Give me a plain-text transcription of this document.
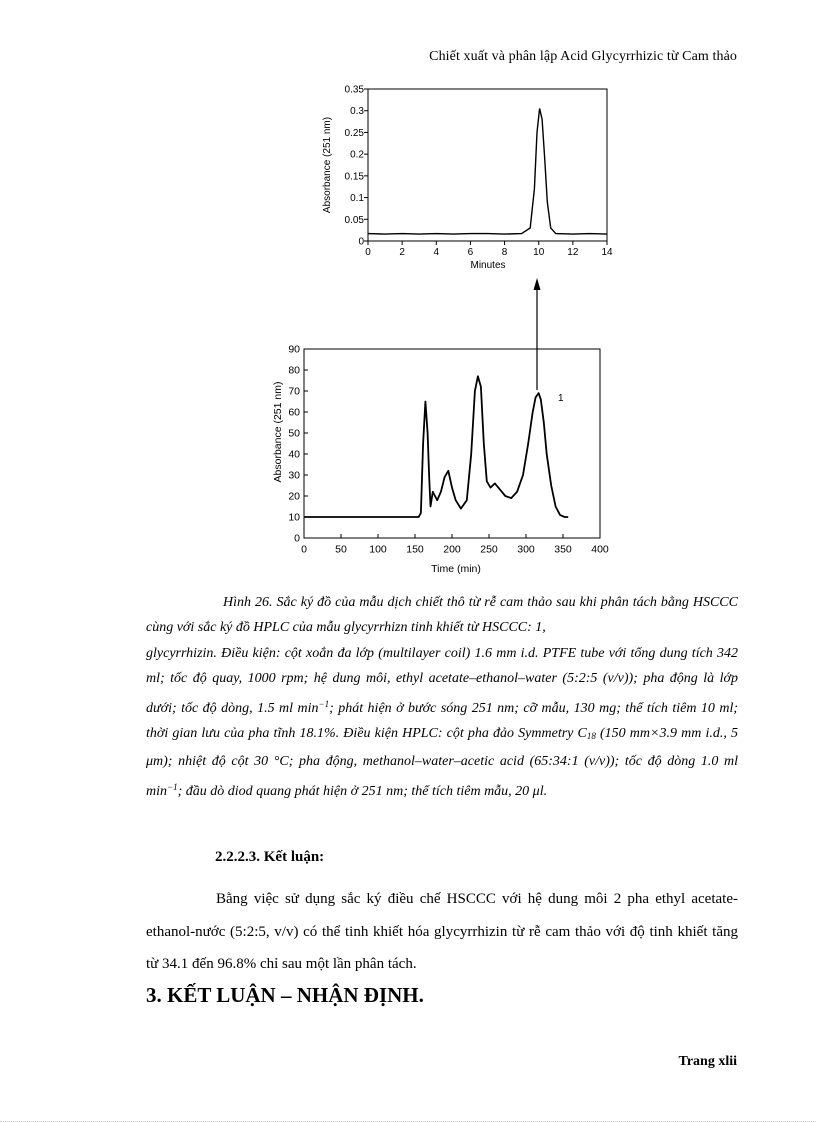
Chiết xuất và phân lập Acid Glycyrrhizic từ Cam thảo
0	2	4	6	8	10 12 14
0
0.05
0.1
0.15
0.2
0.25
0.3
0.35
Minutes
Absorbance (251 nm)
0	50 100 150 200 250 300 350 400
0
10
20
30
40
50
60
70
80
90
1
Time (min)
Absorbance (251 nm)

Hình 26. Sắc ký đồ của mẫu dịch chiết thô từ rễ cam thảo sau khi phân tách bằng HSCCC cùng với sắc ký đồ HPLC của mẫu glycyrrhizn tinh khiết từ HSCCC: 1,

glycyrrhizin. Điều kiện: cột xoắn đa lớp (multilayer coil) 1.6 mm i.d. PTFE tube với tổng dung tích 342 ml; tốc độ quay, 1000 rpm; hệ dung môi, ethyl acetate–ethanol–water (5:2:5 (v/v)); pha động là lớp dưới; tốc độ dòng, 1.5 ml $\min^{-1}$; phát hiện ở bước sóng 251 nm; cỡ mẫu, 130 mg; thể tích tiêm 10 ml; thời gian lưu của pha tĩnh 18.1%. Điều kiện HPLC: cột pha đảo Symmetry $C_{18}$ (150 mm×3.9 mm i.d., 5 μm); nhiệt độ cột 30 °C; pha động, methanol–water–acetic acid (65:34:1 (v/v)); tốc độ dòng 1.0 ml $\min^{-1}$; đầu dò diod quang phát hiện ở 251 nm; thể tích tiêm mẫu, 20 μl.

2.2.2.3. Kết luận:

Bằng việc sử dụng sắc ký điều chế HSCCC với hệ dung môi 2 pha ethyl acetate-ethanol-nước (5:2:5, v/v) có thể tinh khiết hóa glycyrrhizin từ rễ cam thảo với độ tinh khiết tăng từ 34.1 đến 96.8% chỉ sau một lần phân tách.

3. KẾT LUẬN – NHẬN ĐỊNH.
Trang xlii
